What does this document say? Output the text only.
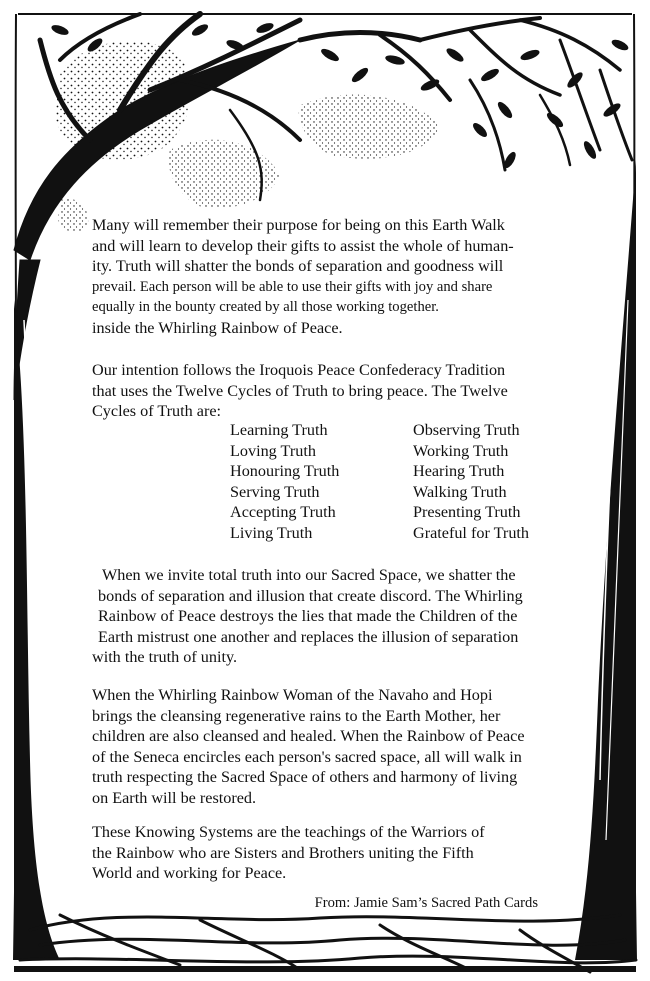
Many will remember their purpose for being on this Earth Walk
and will learn to develop their gifts to assist the whole of human-
ity. Truth will shatter the bonds of separation and goodness will
prevail. Each person will be able to use their gifts with joy and share
equally in the bounty created by all those working together.
inside the Whirling Rainbow of Peace.
Our intention follows the Iroquois Peace Confederacy Tradition
that uses the Twelve Cycles of Truth to bring peace. The Twelve
Cycles of Truth are:
Learning Truth
Loving Truth
Honouring Truth
Serving Truth
Accepting Truth
Living Truth
Observing Truth
Working Truth
Hearing Truth
Walking Truth
Presenting Truth
Grateful for Truth
When we invite total truth into our Sacred Space, we shatter the
bonds of separation and illusion that create discord. The Whirling
Rainbow of Peace destroys the lies that made the Children of the
Earth mistrust one another and replaces the illusion of separation
with the truth of unity.
When the Whirling Rainbow Woman of the Navaho and Hopi
brings the cleansing regenerative rains to the Earth Mother, her
children are also cleansed and healed. When the Rainbow of Peace
of the Seneca encircles each person's sacred space, all will walk in
truth respecting the Sacred Space of others and harmony of living
on Earth will be restored.
These Knowing Systems are the teachings of the Warriors of
the Rainbow who are Sisters and Brothers uniting the Fifth
World and working for Peace.
From: Jamie Sam’s Sacred Path Cards
